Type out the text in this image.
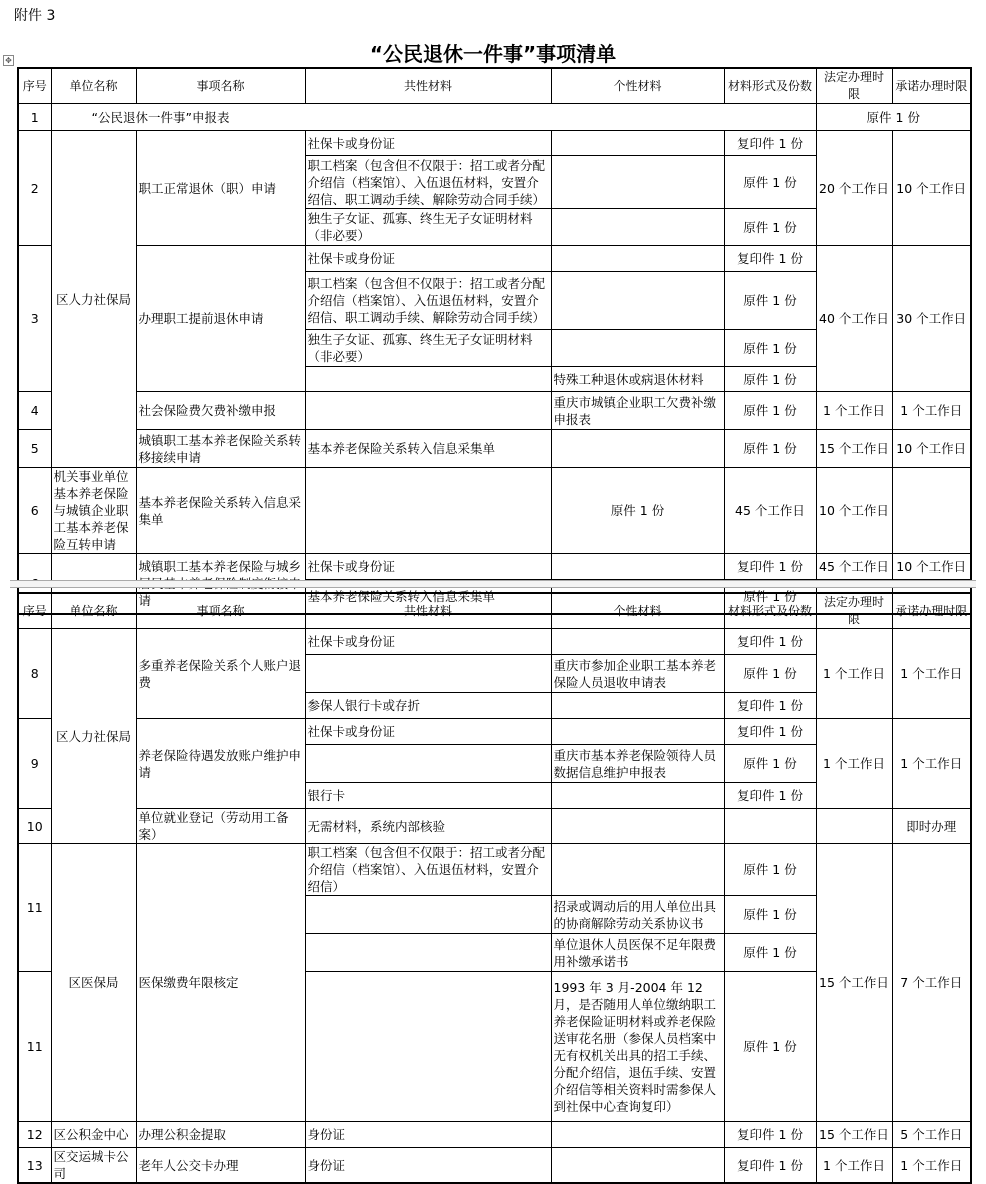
附件 3
✥	“公民退休一件事”事项清单
序号	单位名称	事项名称	共性材料	个性材料	材料形式及份数	法定办理时限	承诺办理时限
1	“公民退休一件事”申报表					原件 1 份	
2	区人力社保局	职工正常退休（职）申请	社保卡或身份证		复印件 1 份	20 个工作日	10 个工作日
			职工档案（包含但不仅限于：招工或者分配介绍信（档案馆）、入伍退伍材料，安置介绍信、职工调动手续、解除劳动合同手续）		原件 1 份		
			独生子女证、孤寡、终生无子女证明材料（非必要）		原件 1 份		
3		办理职工提前退休申请	社保卡或身份证		复印件 1 份	40 个工作日	30 个工作日
			职工档案（包含但不仅限于：招工或者分配介绍信（档案馆）、入伍退伍材料，安置介绍信、职工调动手续、解除劳动合同手续）		原件 1 份		
			独生子女证、孤寡、终生无子女证明材料（非必要）		原件 1 份		
				特殊工种退休或病退休材料	原件 1 份		
4		社会保险费欠费补缴申报		重庆市城镇企业职工欠费补缴申报表	原件 1 份	1 个工作日	1 个工作日
5		城镇职工基本养老保险关系转移接续申请	基本养老保险关系转入信息采集单		原件 1 份	15 个工作日	10 个工作日
6	机关事业单位基本养老保险与城镇企业职工基本养老保险互转申请	基本养老保险关系转入信息采集单		原件 1 份	45 个工作日	10 个工作日	
		城镇职工基本养老保险与城乡 请	社保卡或身份证		复印件 1 份	45 个工作日	10 个工作日
			基本养老保险关系转入信息采集单		原件 1 份		
序号	单位名称	事项名称	共性材料	个性材料	材料形式及份数	法定办理时限	承诺办理时限
8	区人力社保局	多重养老保险关系个人账户退费	社保卡或身份证		复印件 1 份	1 个工作日	1 个工作日
				重庆市参加企业职工基本养老保险人员退收申请表	原件 1 份		
			参保人银行卡或存折		复印件 1 份		
9		养老保险待遇发放账户维护申请	社保卡或身份证		复印件 1 份	1 个工作日	1 个工作日
				重庆市基本养老保险领待人员数据信息维护申报表	原件 1 份		
			银行卡		复印件 1 份		
10		单位就业登记（劳动用工备案）	无需材料，系统内部核验				即时办理
11	区医保局	医保缴费年限核定	职工档案（包含但不仅限于：招工或者分配介绍信（档案馆）、入伍退伍材料，安置介绍信）		原件 1 份	15 个工作日	7 个工作日
				招录或调动后的用人单位出具的协商解除劳动关系协议书	原件 1 份		
				单位退休人员医保不足年限费用补缴承诺书	原件 1 份		
11				1993 年 3 月-2004 年 12 月，是否随用人单位缴纳职工养老保险证明材料或养老保险送审花名册（参保人员档案中无有权机关出具的招工手续、分配介绍信，退伍手续、安置介绍信等相关资料时需参保人到社保中心查询复印）	原件 1 份		
12	区公积金中心	办理公积金提取	身份证		复印件 1 份	15 个工作日	5 个工作日
13	区交运城卡公司	老年人公交卡办理	身份证		复印件 1 份	1 个工作日	1 个工作日
